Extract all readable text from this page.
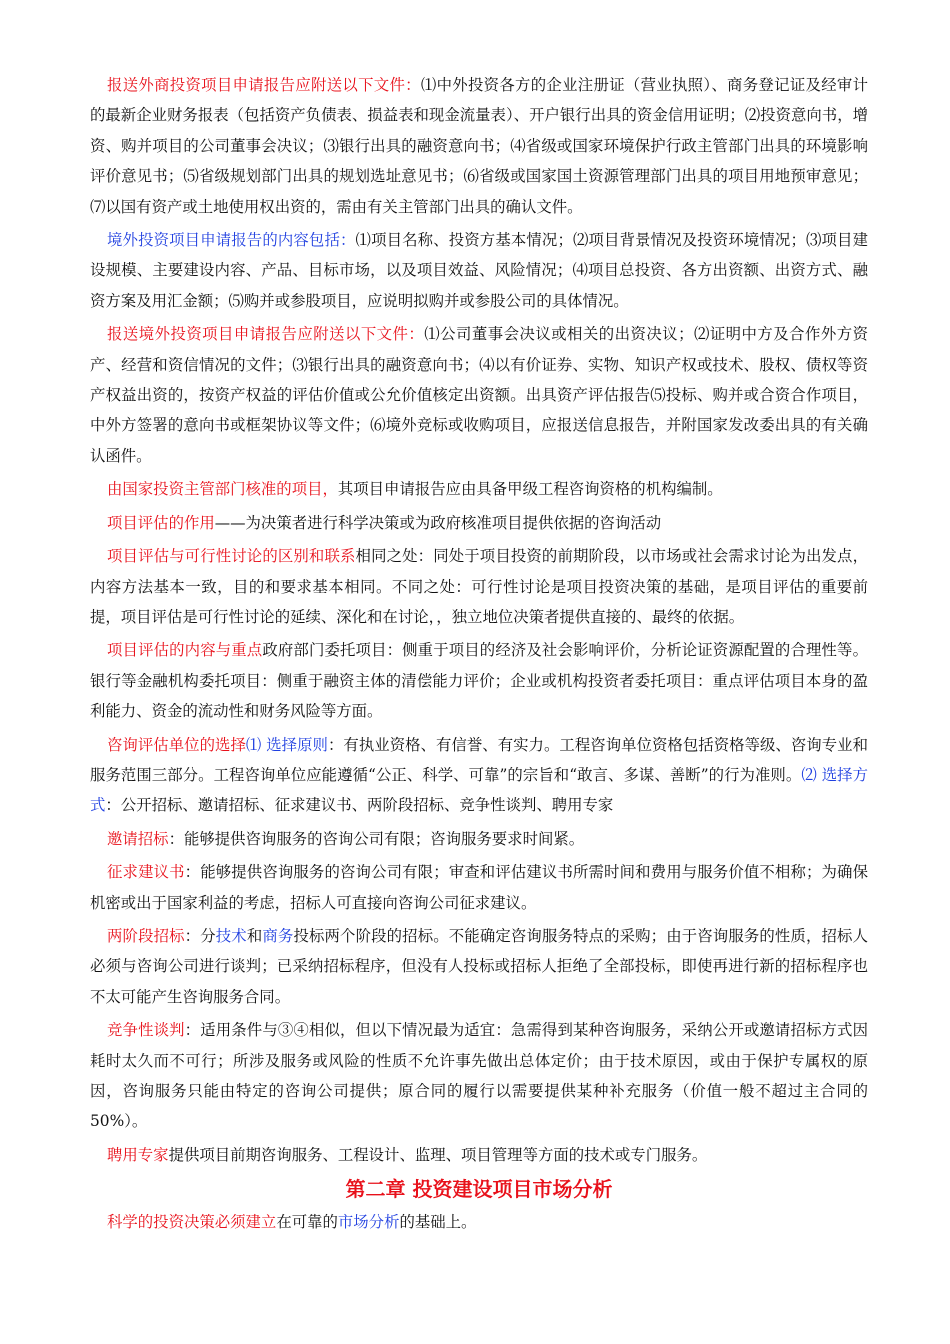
报送外商投资项目申请报告应附送以下文件：⑴中外投资各方的企业注册证（营业执照）、商务登记证及经审计的最新企业财务报表（包括资产负债表、损益表和现金流量表）、开户银行出具的资金信用证明；⑵投资意向书，增资、购并项目的公司董事会决议；⑶银行出具的融资意向书；⑷省级或国家环境保护行政主管部门出具的环境影响评价意见书；⑸省级规划部门出具的规划选址意见书；⑹省级或国家国土资源管理部门出具的项目用地预审意见；⑺以国有资产或土地使用权出资的，需由有关主管部门出具的确认文件。

境外投资项目申请报告的内容包括：⑴项目名称、投资方基本情况；⑵项目背景情况及投资环境情况；⑶项目建设规模、主要建设内容、产品、目标市场，以及项目效益、风险情况；⑷项目总投资、各方出资额、出资方式、融资方案及用汇金额；⑸购并或参股项目，应说明拟购并或参股公司的具体情况。

报送境外投资项目申请报告应附送以下文件：⑴公司董事会决议或相关的出资决议；⑵证明中方及合作外方资产、经营和资信情况的文件；⑶银行出具的融资意向书；⑷以有价证券、实物、知识产权或技术、股权、债权等资产权益出资的，按资产权益的评估价值或公允价值核定出资额。出具资产评估报告⑸投标、购并或合资合作项目，中外方签署的意向书或框架协议等文件；⑹境外竞标或收购项目，应报送信息报告，并附国家发改委出具的有关确认函件。

由国家投资主管部门核准的项目，其项目申请报告应由具备甲级工程咨询资格的机构编制。

项目评估的作用——为决策者进行科学决策或为政府核准项目提供依据的咨询活动

项目评估与可行性讨论的区别和联系相同之处：同处于项目投资的前期阶段，以市场或社会需求讨论为出发点，内容方法基本一致，目的和要求基本相同。不同之处：可行性讨论是项目投资决策的基础，是项目评估的重要前提，项目评估是可行性讨论的延续、深化和在讨论，，独立地位决策者提供直接的、最终的依据。

项目评估的内容与重点政府部门委托项目：侧重于项目的经济及社会影响评价，分析论证资源配置的合理性等。银行等金融机构委托项目：侧重于融资主体的清偿能力评价；企业或机构投资者委托项目：重点评估项目本身的盈利能力、资金的流动性和财务风险等方面。

咨询评估单位的选择⑴ 选择原则：有执业资格、有信誉、有实力。工程咨询单位资格包括资格等级、咨询专业和服务范围三部分。工程咨询单位应能遵循“公正、科学、可靠”的宗旨和“敢言、多谋、善断”的行为准则。⑵ 选择方式：公开招标、邀请招标、征求建议书、两阶段招标、竞争性谈判、聘用专家

邀请招标：能够提供咨询服务的咨询公司有限；咨询服务要求时间紧。

征求建议书：能够提供咨询服务的咨询公司有限；审查和评估建议书所需时间和费用与服务价值不相称；为确保机密或出于国家利益的考虑，招标人可直接向咨询公司征求建议。

两阶段招标：分技术和商务投标两个阶段的招标。不能确定咨询服务特点的采购；由于咨询服务的性质，招标人必须与咨询公司进行谈判；已采纳招标程序，但没有人投标或招标人拒绝了全部投标，即使再进行新的招标程序也不太可能产生咨询服务合同。

竞争性谈判：适用条件与③④相似，但以下情况最为适宜：急需得到某种咨询服务，采纳公开或邀请招标方式因耗时太久而不可行；所涉及服务或风险的性质不允许事先做出总体定价；由于技术原因，或由于保护专属权的原因，咨询服务只能由特定的咨询公司提供；原合同的履行以需要提供某种补充服务（价值一般不超过主合同的50%）。

聘用专家提供项目前期咨询服务、工程设计、监理、项目管理等方面的技术或专门服务。

第二章 投资建设项目市场分析

科学的投资决策必须建立在可靠的市场分析的基础上。
